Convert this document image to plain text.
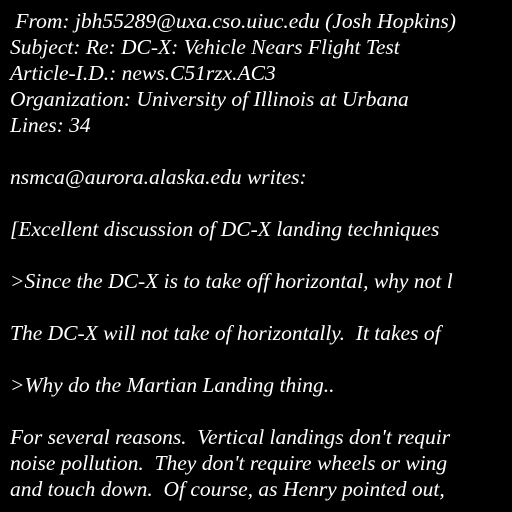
From: jbh55289@uxa.cso.uiuc.edu (Josh Hopkins)
Subject: Re: DC-X: Vehicle Nears Flight Test
Article-I.D.: news.C51rzx.AC3
Organization: University of Illinois at Urbana
Lines: 34
nsmca@aurora.alaska.edu writes:
[Excellent discussion of DC-X landing techniques
>Since the DC-X is to take off horizontal, why not l
The DC-X will not take of horizontally.  It takes of
>Why do the Martian Landing thing..
For several reasons.  Vertical landings don't requir
noise pollution.  They don't require wheels or wing
and touch down.  Of course, as Henry pointed out,
